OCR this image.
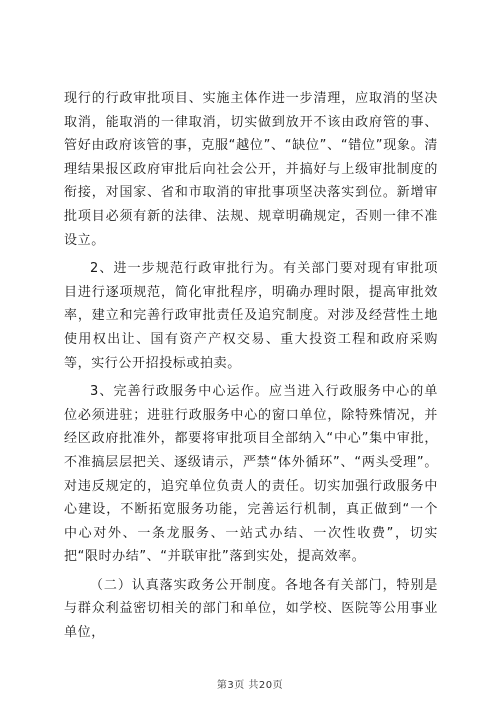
现行的行政审批项目、实施主体作进一步清理，应取消的坚决取消，能取消的一律取消，切实做到放开不该由政府管的事、管好由政府该管的事，克服“越位”、“缺位”、“错位”现象。清理结果报区政府审批后向社会公开，并搞好与上级审批制度的衔接，对国家、省和市取消的审批事项坚决落实到位。新增审批项目必须有新的法律、法规、规章明确规定，否则一律不准设立。

2、进一步规范行政审批行为。有关部门要对现有审批项目进行逐项规范，简化审批程序，明确办理时限，提高审批效率，建立和完善行政审批责任及追究制度。对涉及经营性土地使用权出让、国有资产产权交易、重大投资工程和政府采购等，实行公开招投标或拍卖。

3、完善行政服务中心运作。应当进入行政服务中心的单位必须进驻；进驻行政服务中心的窗口单位，除特殊情况，并经区政府批准外，都要将审批项目全部纳入“中心”集中审批，不准搞层层把关、逐级请示，严禁“体外循环”、“两头受理”。对违反规定的，追究单位负责人的责任。切实加强行政服务中心建设，不断拓宽服务功能，完善运行机制，真正做到“一个中心对外、一条龙服务、一站式办结、一次性收费”，切实把“限时办结”、“并联审批”落到实处，提高效率。

（二）认真落实政务公开制度。各地各有关部门，特别是与群众利益密切相关的部门和单位，如学校、医院等公用事业单位，

第3页 共20页
